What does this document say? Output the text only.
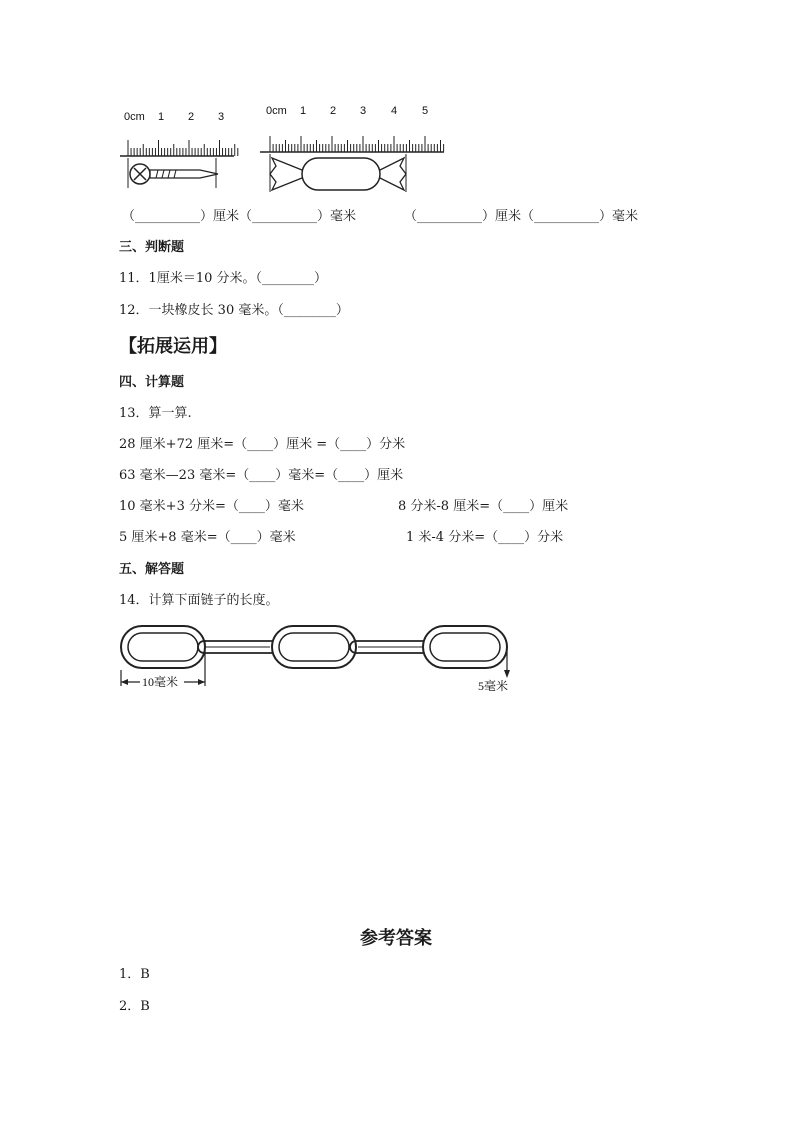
0cm 1 2 3	0cm 1 2 3 4 5
（__________）厘米（__________）毫米	（__________）厘米（__________）毫米
三、判断题
11．1厘米＝10 分米。（________）
12．一块橡皮长 30 毫米。（________）
【拓展运用】
四、计算题
13．算一算.
28 厘米+72 厘米=（____）厘米 =（____）分米
63 毫米—23 毫米=（____）毫米=（____）厘米
10 毫米+3 分米=（____）毫米	8 分米-8 厘米=（____）厘米
5 厘米+8 毫米=（____）毫米	1 米-4 分米=（____）分米
五、解答题
14．计算下面链子的长度。
10毫米	5毫米
参考答案
1．B
2．B
